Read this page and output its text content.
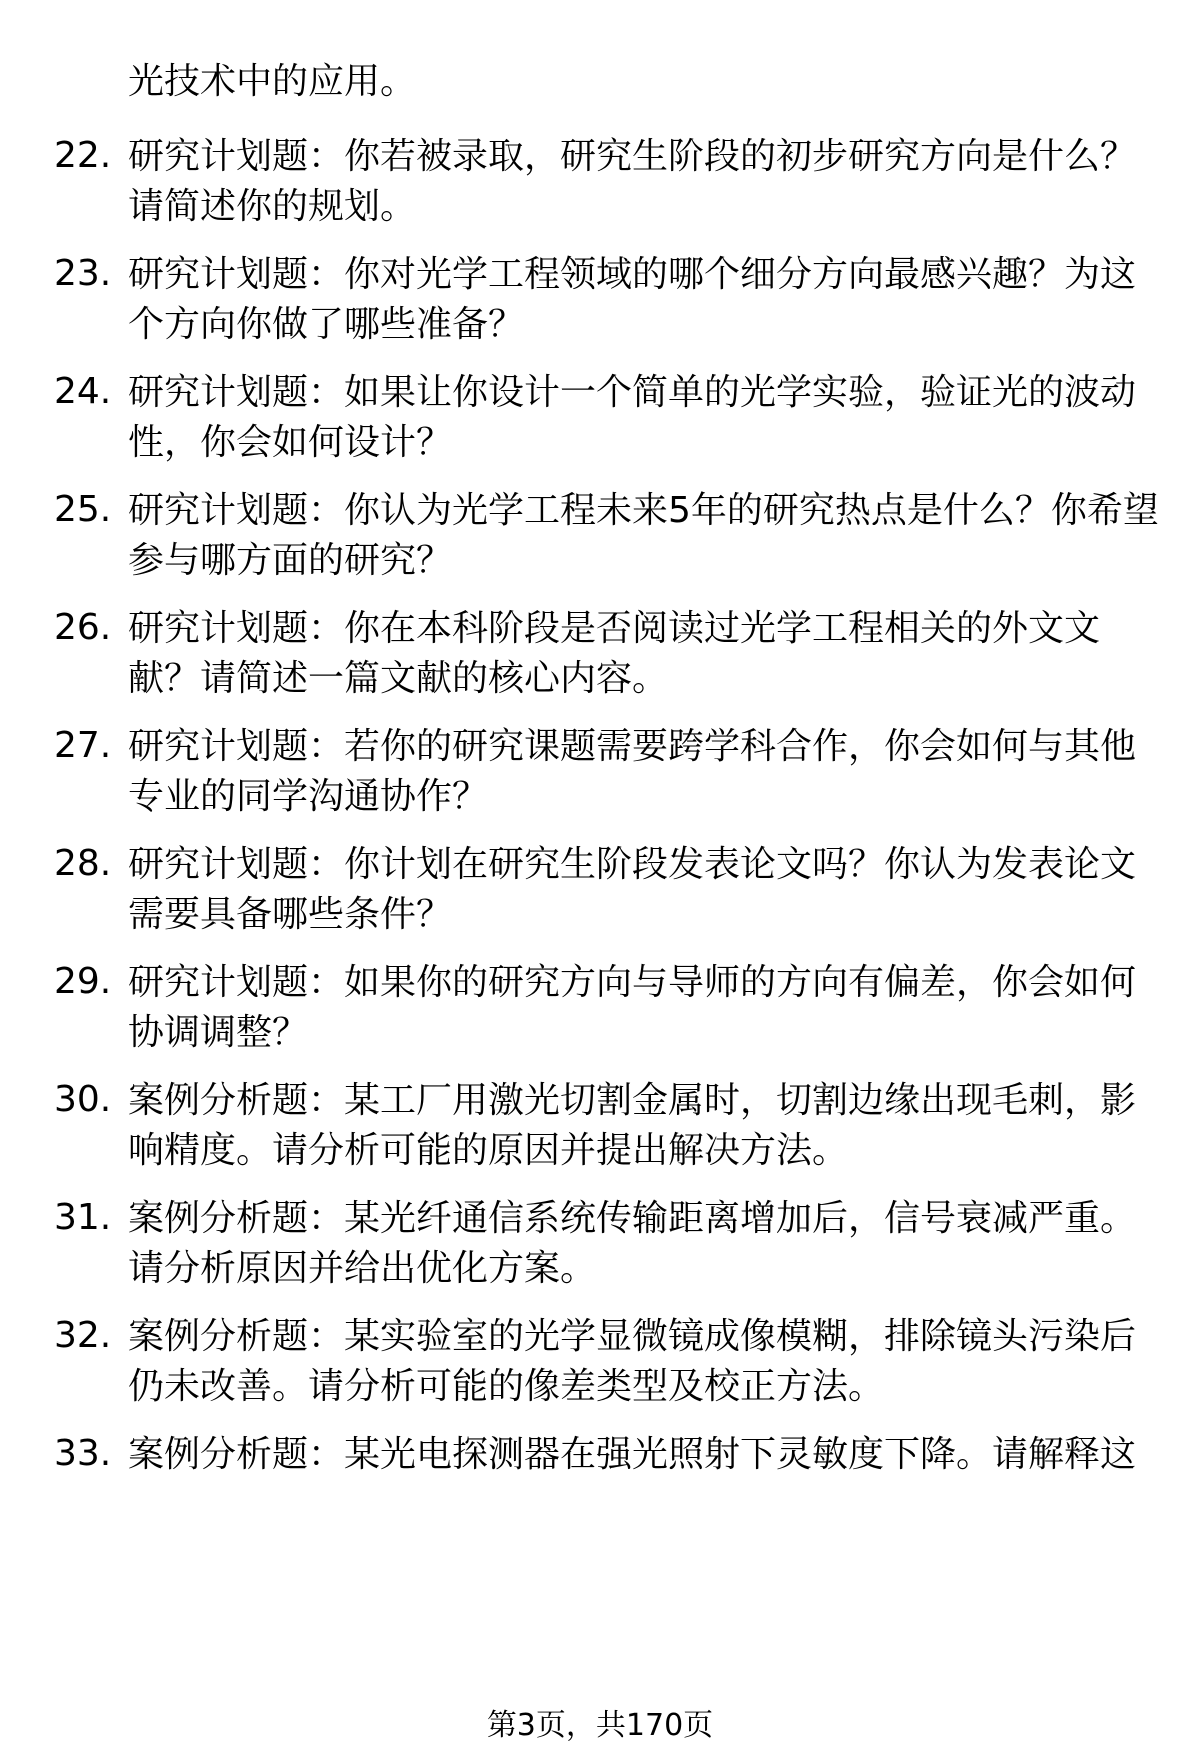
光技术中的应用。
22. 研究计划题：你若被录取，研究生阶段的初步研究方向是什么？
请简述你的规划。
23. 研究计划题：你对光学工程领域的哪个细分方向最感兴趣？为这
个方向你做了哪些准备？
24. 研究计划题：如果让你设计一个简单的光学实验，验证光的波动
性，你会如何设计？
25. 研究计划题：你认为光学工程未来5年的研究热点是什么？你希望
参与哪方面的研究？
26. 研究计划题：你在本科阶段是否阅读过光学工程相关的外文文
献？请简述一篇文献的核心内容。
27. 研究计划题：若你的研究课题需要跨学科合作，你会如何与其他
专业的同学沟通协作？
28. 研究计划题：你计划在研究生阶段发表论文吗？你认为发表论文
需要具备哪些条件？
29. 研究计划题：如果你的研究方向与导师的方向有偏差，你会如何
协调调整？
30. 案例分析题：某工厂用激光切割金属时，切割边缘出现毛刺，影
响精度。请分析可能的原因并提出解决方法。
31. 案例分析题：某光纤通信系统传输距离增加后，信号衰减严重。
请分析原因并给出优化方案。
32. 案例分析题：某实验室的光学显微镜成像模糊，排除镜头污染后
仍未改善。请分析可能的像差类型及校正方法。
33. 案例分析题：某光电探测器在强光照射下灵敏度下降。请解释这
第3页，共170页
